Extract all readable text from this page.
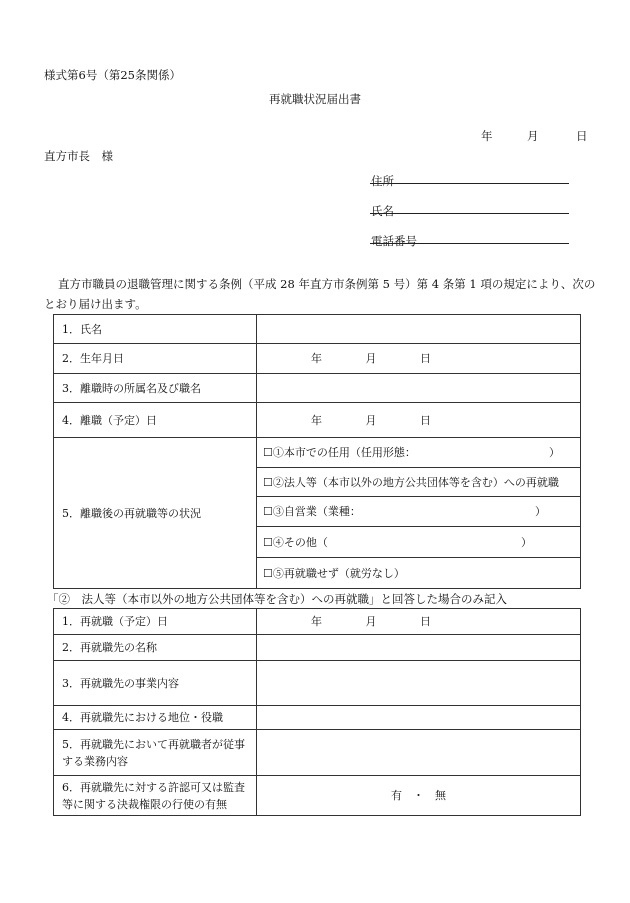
様式第6号（第25条関係）
再就職状況届出書
年	月	日
直方市長　様
住所
氏名
電話番号
直方市職員の退職管理に関する条例（平成 28 年直方市条例第 5 号）第 4 条第 1 項の規定により、次の
とおり届け出ます。
1．氏名	
2．生年月日	年 月 日
3．離職時の所属名及び職名	
4．離職（予定）日	年 月 日
5．離職後の再就職等の状況	☐①本市での任用（任用形態： ）

	☐②法人等（本市以外の地方公共団体等を含む）への再就職
	☐③自営業（業種： ）

	☐④その他（ ）

	☐⑤再就職せず（就労なし）
「②　法人等（本市以外の地方公共団体等を含む）への再就職」と回答した場合のみ記入
1．再就職（予定）日	年 月 日
2．再就職先の名称	
3．再就職先の事業内容	
4．再就職先における地位・役職	

5．再就職先において再就職者が従事
する業務内容	

6．再就職先に対する許認可又は監査
等に関する決裁権限の行使の有無	有　・　無
